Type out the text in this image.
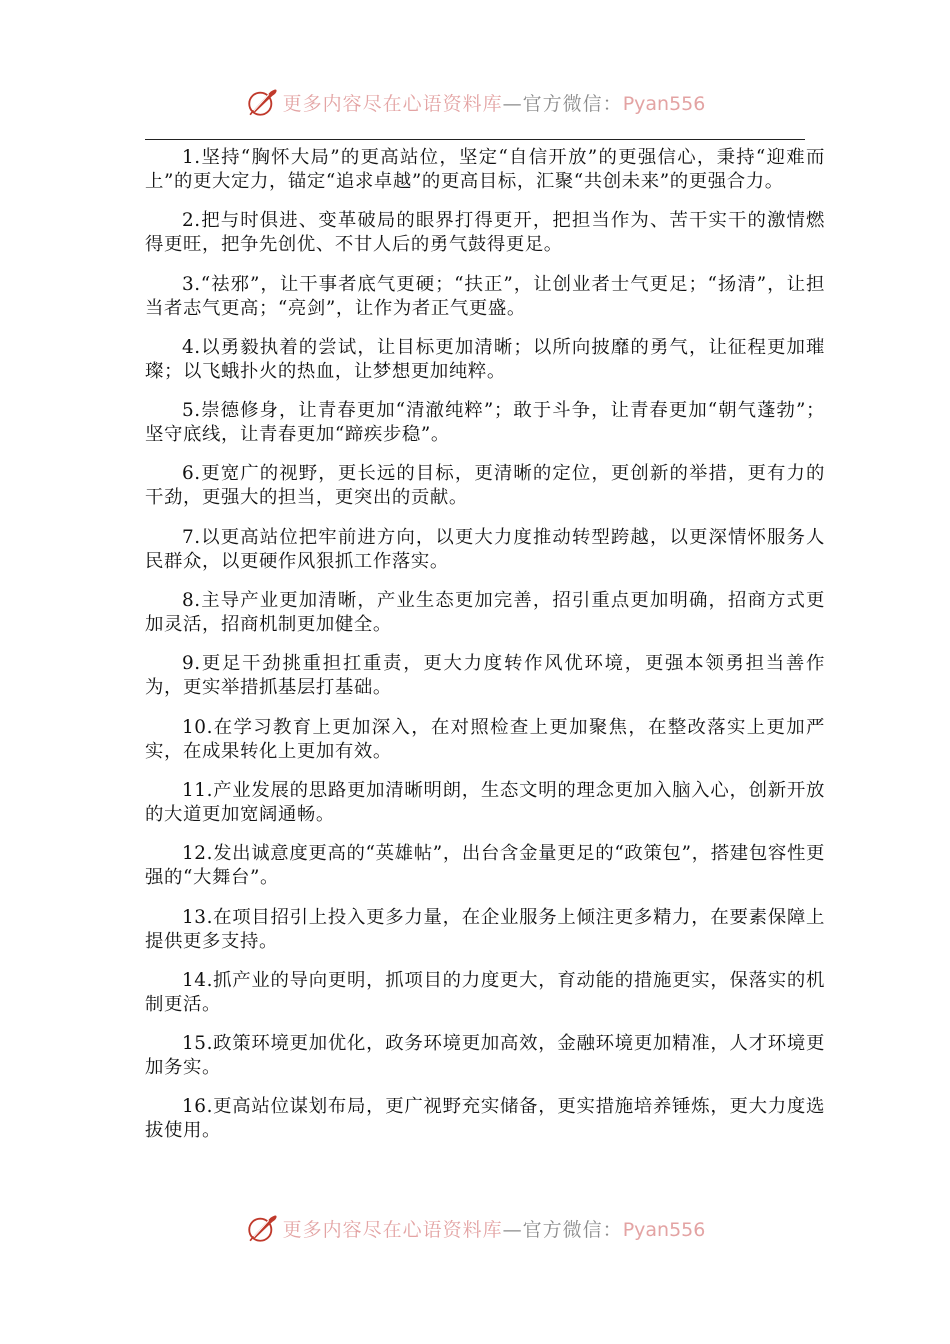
更多内容尽在心语资料库—官方微信：Pyan556

1.坚持“胸怀大局”的更高站位，坚定“自信开放”的更强信心，秉持“迎难而上”的更大定力，锚定“追求卓越”的更高目标，汇聚“共创未来”的更强合力。

2.把与时俱进、变革破局的眼界打得更开，把担当作为、苦干实干的激情燃得更旺，把争先创优、不甘人后的勇气鼓得更足。

3.“祛邪”，让干事者底气更硬；“扶正”，让创业者士气更足；“扬清”，让担当者志气更高；“亮剑”，让作为者正气更盛。

4.以勇毅执着的尝试，让目标更加清晰；以所向披靡的勇气，让征程更加璀璨；以飞蛾扑火的热血，让梦想更加纯粹。

5.崇德修身，让青春更加“清澈纯粹”；敢于斗争，让青春更加“朝气蓬勃”；坚守底线，让青春更加“蹄疾步稳”。

6.更宽广的视野，更长远的目标，更清晰的定位，更创新的举措，更有力的干劲，更强大的担当，更突出的贡献。

7.以更高站位把牢前进方向，以更大力度推动转型跨越，以更深情怀服务人民群众，以更硬作风狠抓工作落实。

8.主导产业更加清晰，产业生态更加完善，招引重点更加明确，招商方式更加灵活，招商机制更加健全。

9.更足干劲挑重担扛重责，更大力度转作风优环境，更强本领勇担当善作为，更实举措抓基层打基础。

10.在学习教育上更加深入，在对照检查上更加聚焦，在整改落实上更加严实，在成果转化上更加有效。

11.产业发展的思路更加清晰明朗，生态文明的理念更加入脑入心，创新开放的大道更加宽阔通畅。

12.发出诚意度更高的“英雄帖”，出台含金量更足的“政策包”，搭建包容性更强的“大舞台”。

13.在项目招引上投入更多力量，在企业服务上倾注更多精力，在要素保障上提供更多支持。

14.抓产业的导向更明，抓项目的力度更大，育动能的措施更实，保落实的机制更活。

15.政策环境更加优化，政务环境更加高效，金融环境更加精准，人才环境更加务实。

16.更高站位谋划布局，更广视野充实储备，更实措施培养锤炼，更大力度选拔使用。

更多内容尽在心语资料库—官方微信：Pyan556
